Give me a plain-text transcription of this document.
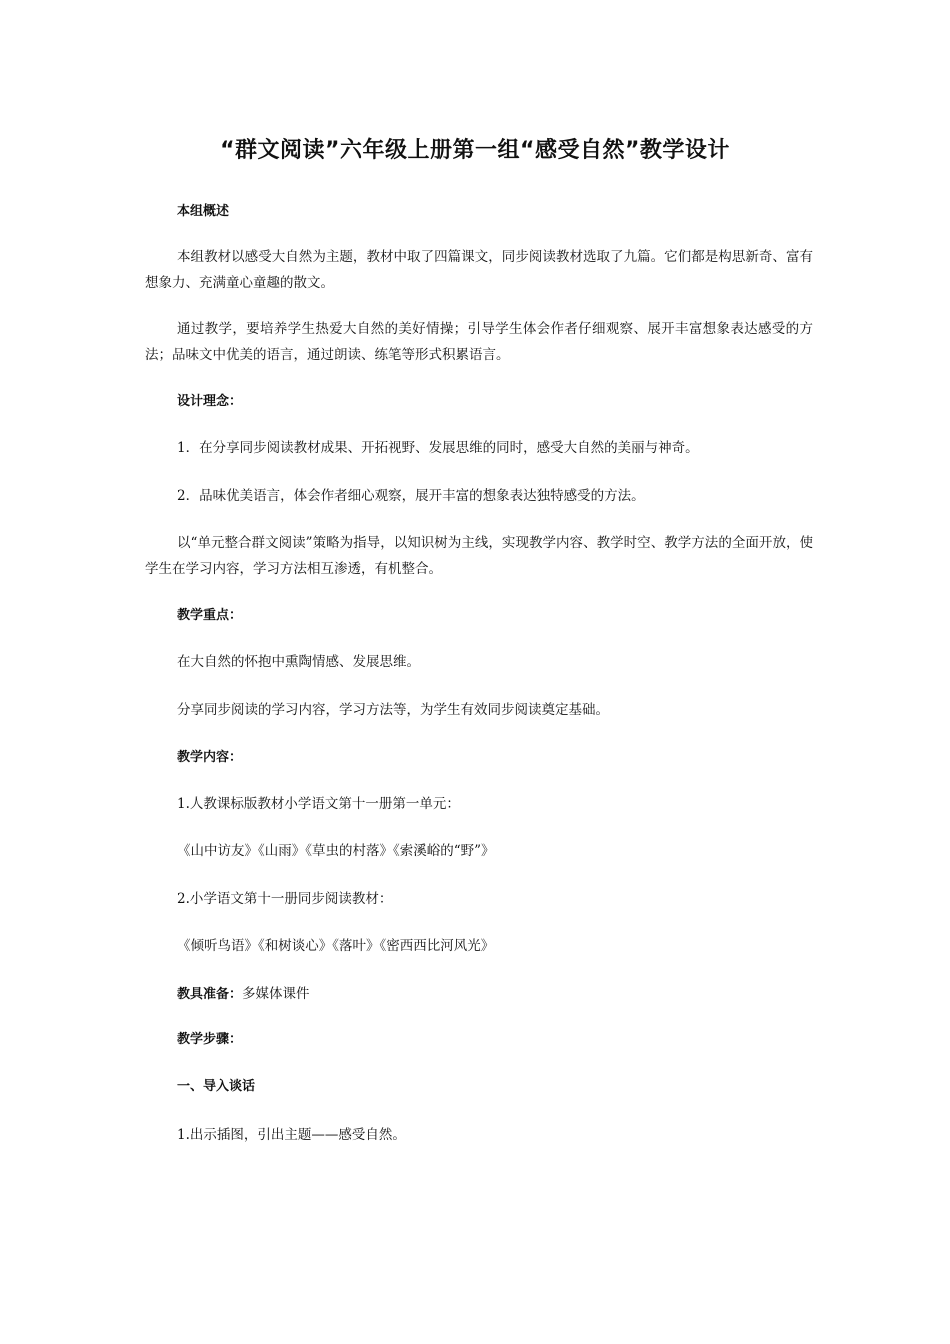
“群文阅读”六年级上册第一组“感受自然”教学设计
本组概述
本组教材以感受大自然为主题，教材中取了四篇课文，同步阅读教材选取了九篇。它们都是构思新奇、富有想象力、充满童心童趣的散文。
通过教学，要培养学生热爱大自然的美好情操；引导学生体会作者仔细观察、展开丰富想象表达感受的方法；品味文中优美的语言，通过朗读、练笔等形式积累语言。
设计理念：
1．在分享同步阅读教材成果、开拓视野、发展思维的同时，感受大自然的美丽与神奇。
2．品味优美语言，体会作者细心观察，展开丰富的想象表达独特感受的方法。
以“单元整合群文阅读”策略为指导，以知识树为主线，实现教学内容、教学时空、教学方法的全面开放，使学生在学习内容，学习方法相互渗透，有机整合。
教学重点：
在大自然的怀抱中熏陶情感、发展思维。
分享同步阅读的学习内容，学习方法等，为学生有效同步阅读奠定基础。
教学内容：
1.人教课标版教材小学语文第十一册第一单元：
《山中访友》《山雨》《草虫的村落》《索溪峪的“野”》
2.小学语文第十一册同步阅读教材：
《倾听鸟语》《和树谈心》《落叶》《密西西比河风光》
教具准备：多媒体课件
教学步骤：
一、导入谈话
1.出示插图，引出主题——感受自然。
